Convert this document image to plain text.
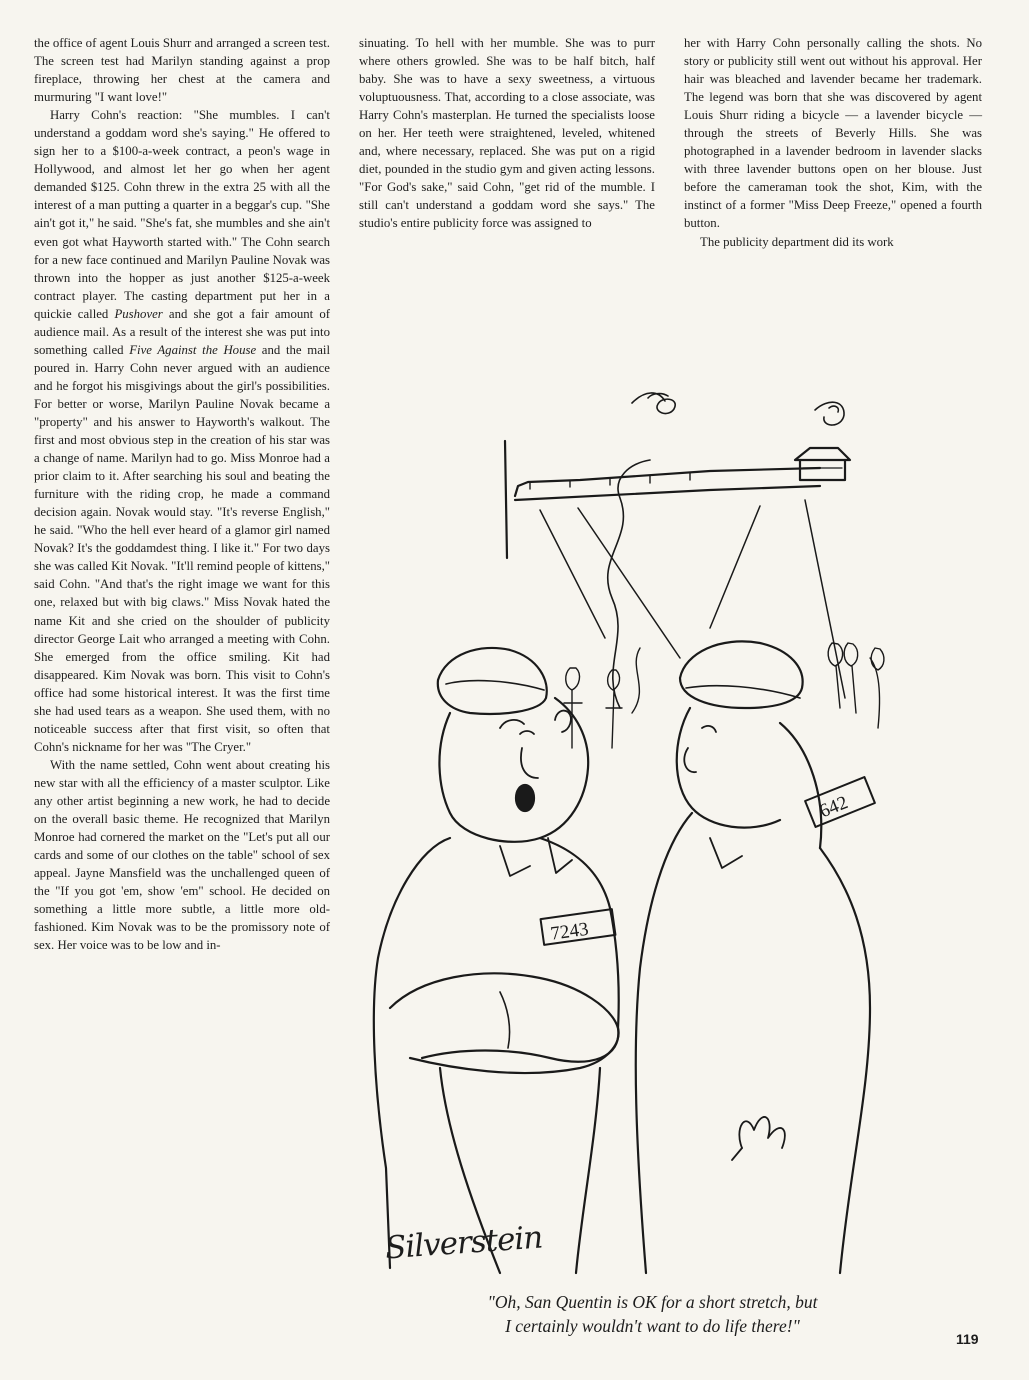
the office of agent Louis Shurr and arranged a screen test. The screen test had Marilyn standing against a prop fireplace, throwing her chest at the camera and murmuring "I want love!"

Harry Cohn's reaction: "She mumbles. I can't understand a goddam word she's saying." He offered to sign her to a $100-a-week contract, a peon's wage in Hollywood, and almost let her go when her agent demanded $125. Cohn threw in the extra 25 with all the interest of a man putting a quarter in a beggar's cup. "She ain't got it," he said. "She's fat, she mumbles and she ain't even got what Hayworth started with." The Cohn search for a new face continued and Marilyn Pauline Novak was thrown into the hopper as just another $125-a-week contract player. The casting department put her in a quickie called Pushover and she got a fair amount of audience mail. As a result of the interest she was put into something called Five Against the House and the mail poured in. Harry Cohn never argued with an audience and he forgot his misgivings about the girl's possibilities. For better or worse, Marilyn Pauline Novak became a "property" and his answer to Hayworth's walkout. The first and most obvious step in the creation of his star was a change of name. Marilyn had to go. Miss Monroe had a prior claim to it. After searching his soul and beating the furniture with the riding crop, he made a command decision again. Novak would stay. "It's reverse English," he said. "Who the hell ever heard of a glamor girl named Novak? It's the goddamdest thing. I like it." For two days she was called Kit Novak. "It'll remind people of kittens," said Cohn. "And that's the right image we want for this one, relaxed but with big claws." Miss Novak hated the name Kit and she cried on the shoulder of publicity director George Lait who arranged a meeting with Cohn. She emerged from the office smiling. Kit had disappeared. Kim Novak was born. This visit to Cohn's office had some historical interest. It was the first time she had used tears as a weapon. She used them, with no noticeable success after that first visit, so often that Cohn's nickname for her was "The Cryer."

With the name settled, Cohn went about creating his new star with all the efficiency of a master sculptor. Like any other artist beginning a new work, he had to decide on the overall basic theme. He recognized that Marilyn Monroe had cornered the market on the "Let's put all our cards and some of our clothes on the table" school of sex appeal. Jayne Mansfield was the unchallenged queen of the "If you got 'em, show 'em" school. He decided on something a little more subtle, a little more old-fashioned. Kim Novak was to be the promissory note of sex. Her voice was to be low and in-

sinuating. To hell with her mumble. She was to purr where others growled. She was to be half bitch, half baby. She was to have a sexy sweetness, a virtuous voluptuousness. That, according to a close associate, was Harry Cohn's masterplan. He turned the specialists loose on her. Her teeth were straightened, leveled, whitened and, where necessary, replaced. She was put on a rigid diet, pounded in the studio gym and given acting lessons. "For God's sake," said Cohn, "get rid of the mumble. I still can't understand a goddam word she says." The studio's entire publicity force was assigned to

her with Harry Cohn personally calling the shots. No story or publicity still went out without his approval. Her hair was bleached and lavender became her trademark. The legend was born that she was discovered by agent Louis Shurr riding a bicycle — a lavender bicycle — through the streets of Beverly Hills. She was photographed in a lavender bedroom in lavender slacks with three lavender buttons open on her blouse. Just before the cameraman took the shot, Kim, with the instinct of a former "Miss Deep Freeze," opened a fourth button.

The publicity department did its work

7243
642
Silverstein
"Oh, San Quentin is OK for a short stretch, but
I certainly wouldn't want to do life there!"
119
